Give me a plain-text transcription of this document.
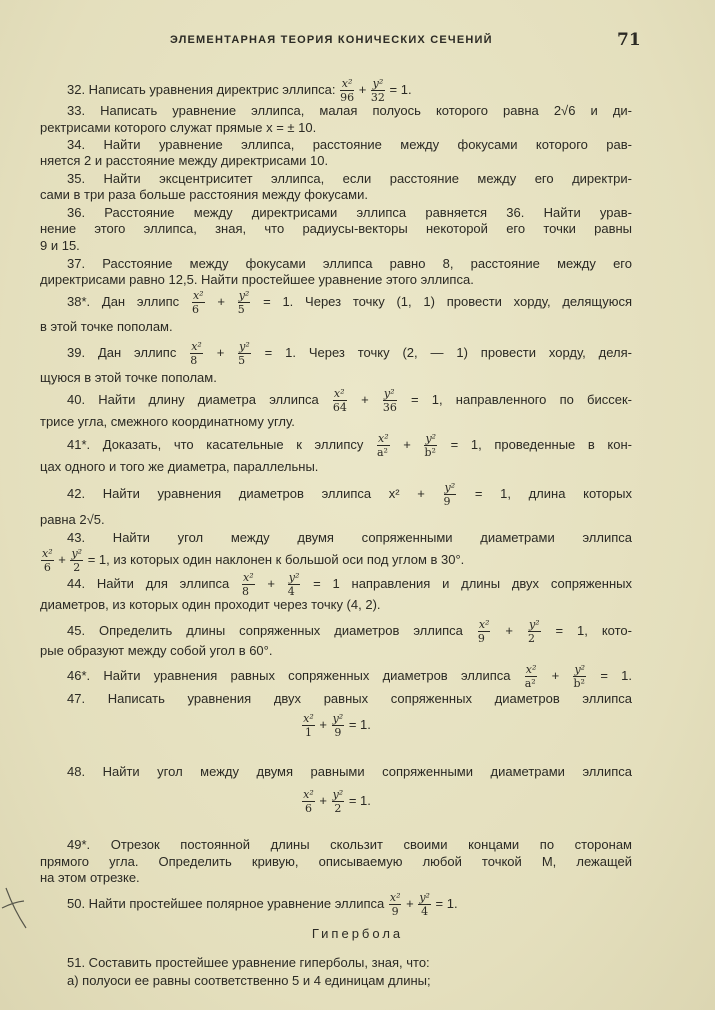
ЭЛЕМЕНТАРНАЯ ТЕОРИЯ КОНИЧЕСКИХ СЕЧЕНИЙ	71
32. Написать уравнения директрис эллипса: $\frac{\text{x²}}{96} + \frac{\text{y²}}{32} = 1$.
33. Написать уравнение эллипса, малая полуось которого равна 2√6 и ди-
ректрисами которого служат прямые x = ± 10.
34. Найти уравнение эллипса, расстояние между фокусами которого рав-
няется 2 и расстояние между директрисами 10.
35. Найти эксцентриситет эллипса, если расстояние между его директри-
сами в три раза больше расстояния между фокусами.
36. Расстояние между директрисами эллипса равняется 36. Найти урав-
нение этого эллипса, зная, что радиусы-векторы некоторой его точки равны
9 и 15.
37. Расстояние между фокусами эллипса равно 8, расстояние между его
директрисами равно 12,5. Найти простейшее уравнение этого эллипса.
38*. Дан эллипс $\frac{\text{x²}}{6} + \frac{\text{y²}}{5} = 1$. Через точку (1, 1) провести хорду, делящуюся
в этой точке пополам.
39. Дан эллипс $\frac{\text{x²}}{8} + \frac{\text{y²}}{5} = 1$. Через точку (2, — 1) провести хорду, деля-
щуюся в этой точке пополам.
40. Найти длину диаметра эллипса $\frac{\text{x²}}{64} + \frac{\text{y²}}{36} = 1$, направленного по биссек-
трисе угла, смежного координатному углу.
41*. Доказать, что касательные к эллипсу $\frac{\text{x²}}{\text{a²}} + \frac{\text{y²}}{\text{b²}} = 1$, проведенные в кон-
цах одного и того же диаметра, параллельны.
42. Найти уравнения диаметров эллипса $x^2 + \frac{\text{y²}}{9} = 1$, длина которых
равна 2√5.
43. Найти угол между двумя сопряженными диаметрами эллипса
$\frac{\text{x²}}{6} + \frac{\text{y²}}{2} = 1$, из которых один наклонен к большой оси под углом в 30°.
44. Найти для эллипса $\frac{\text{x²}}{8} + \frac{\text{y²}}{4} = 1$ направления и длины двух сопряженных
диаметров, из которых один проходит через точку (4, 2).
45. Определить длины сопряженных диаметров эллипса $\frac{\text{x²}}{9} + \frac{\text{y²}}{2} = 1$, кото-
рые образуют между собой угол в 60°.
46*. Найти уравнения равных сопряженных диаметров эллипса $\frac{\text{x²}}{\text{a²}} + \frac{\text{y²}}{\text{b²}} = 1$.
47. Написать уравнения двух равных сопряженных диаметров эллипса
$\frac{\text{x²}}{1} + \frac{\text{y²}}{9} = 1$.
48. Найти угол между двумя равными сопряженными диаметрами эллипса
$\frac{\text{x²}}{6} + \frac{\text{y²}}{2} = 1$.
49*. Отрезок постоянной длины скользит своими концами по сторонам
прямого угла. Определить кривую, описываемую любой точкой M, лежащей
на этом отрезке.
50. Найти простейшее полярное уравнение эллипса $\frac{\text{x²}}{9} + \frac{\text{y²}}{4} = 1$.
Гипербола
51. Составить простейшее уравнение гиперболы, зная, что:
а) полуоси ее равны соответственно 5 и 4 единицам длины;
